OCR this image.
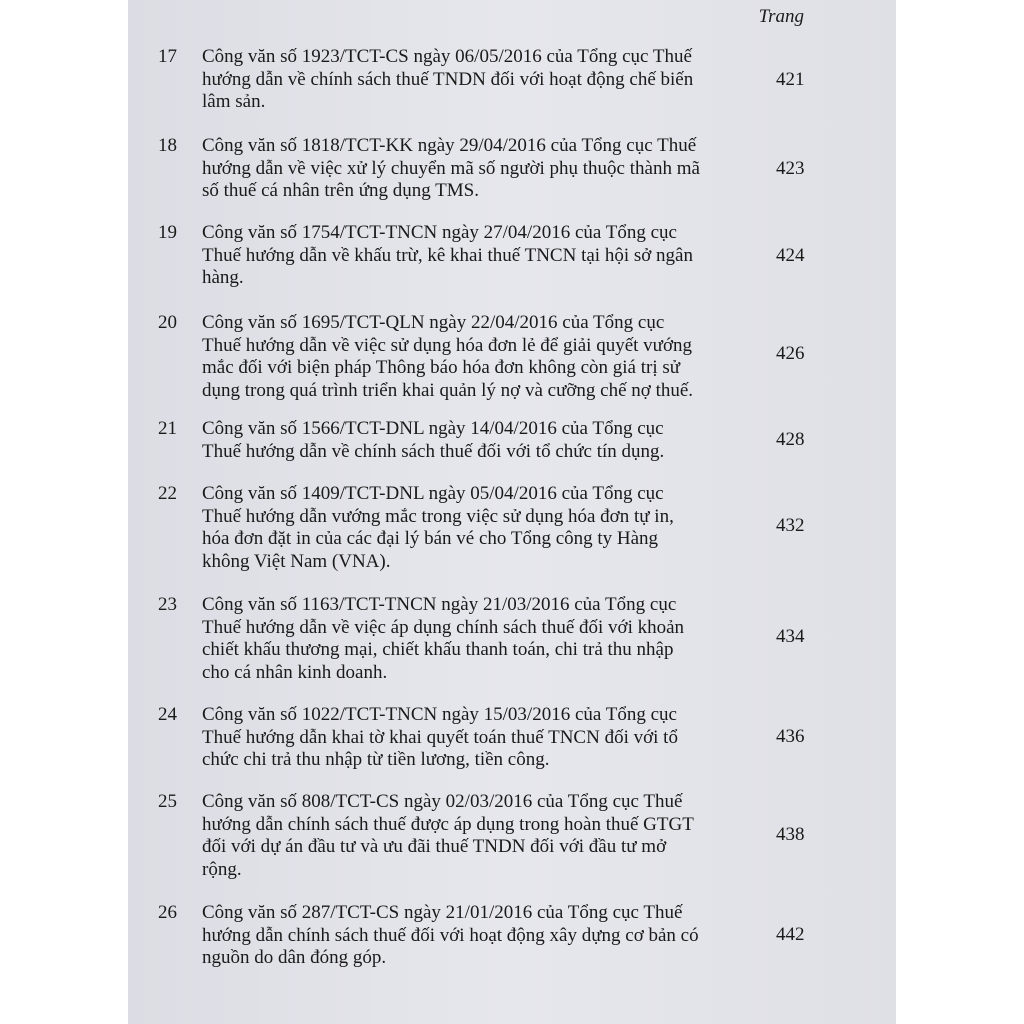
Trang
17 Công văn số 1923/TCT-CS ngày 06/05/2016 của Tổng cục Thuế
hướng dẫn về chính sách thuế TNDN đối với hoạt động chế biến
lâm sản.
421
18 Công văn số 1818/TCT-KK ngày 29/04/2016 của Tổng cục Thuế
hướng dẫn về việc xử lý chuyển mã số người phụ thuộc thành mã
số thuế cá nhân trên ứng dụng TMS.
423
19 Công văn số 1754/TCT-TNCN ngày 27/04/2016 của Tổng cục
Thuế hướng dẫn về khấu trừ, kê khai thuế TNCN tại hội sở ngân
hàng.
424
20 Công văn số 1695/TCT-QLN ngày 22/04/2016 của Tổng cục
Thuế hướng dẫn về việc sử dụng hóa đơn lẻ để giải quyết vướng
mắc đối với biện pháp Thông báo hóa đơn không còn giá trị sử
dụng trong quá trình triển khai quản lý nợ và cưỡng chế nợ thuế.
426
21 Công văn số 1566/TCT-DNL ngày 14/04/2016 của Tổng cục
Thuế hướng dẫn về chính sách thuế đối với tổ chức tín dụng.
428
22 Công văn số 1409/TCT-DNL ngày 05/04/2016 của Tổng cục
Thuế hướng dẫn vướng mắc trong việc sử dụng hóa đơn tự in,
hóa đơn đặt in của các đại lý bán vé cho Tổng công ty Hàng
không Việt Nam (VNA).
432
23 Công văn số 1163/TCT-TNCN ngày 21/03/2016 của Tổng cục
Thuế hướng dẫn về việc áp dụng chính sách thuế đối với khoản
chiết khấu thương mại, chiết khấu thanh toán, chi trả thu nhập
cho cá nhân kinh doanh.
434
24 Công văn số 1022/TCT-TNCN ngày 15/03/2016 của Tổng cục
Thuế hướng dẫn khai tờ khai quyết toán thuế TNCN đối với tổ
chức chi trả thu nhập từ tiền lương, tiền công.
436
25 Công văn số 808/TCT-CS ngày 02/03/2016 của Tổng cục Thuế
hướng dẫn chính sách thuế được áp dụng trong hoàn thuế GTGT
đối với dự án đầu tư và ưu đãi thuế TNDN đối với đầu tư mở
rộng.
438
26 Công văn số 287/TCT-CS ngày 21/01/2016 của Tổng cục Thuế
hướng dẫn chính sách thuế đối với hoạt động xây dựng cơ bản có
nguồn do dân đóng góp.
442
